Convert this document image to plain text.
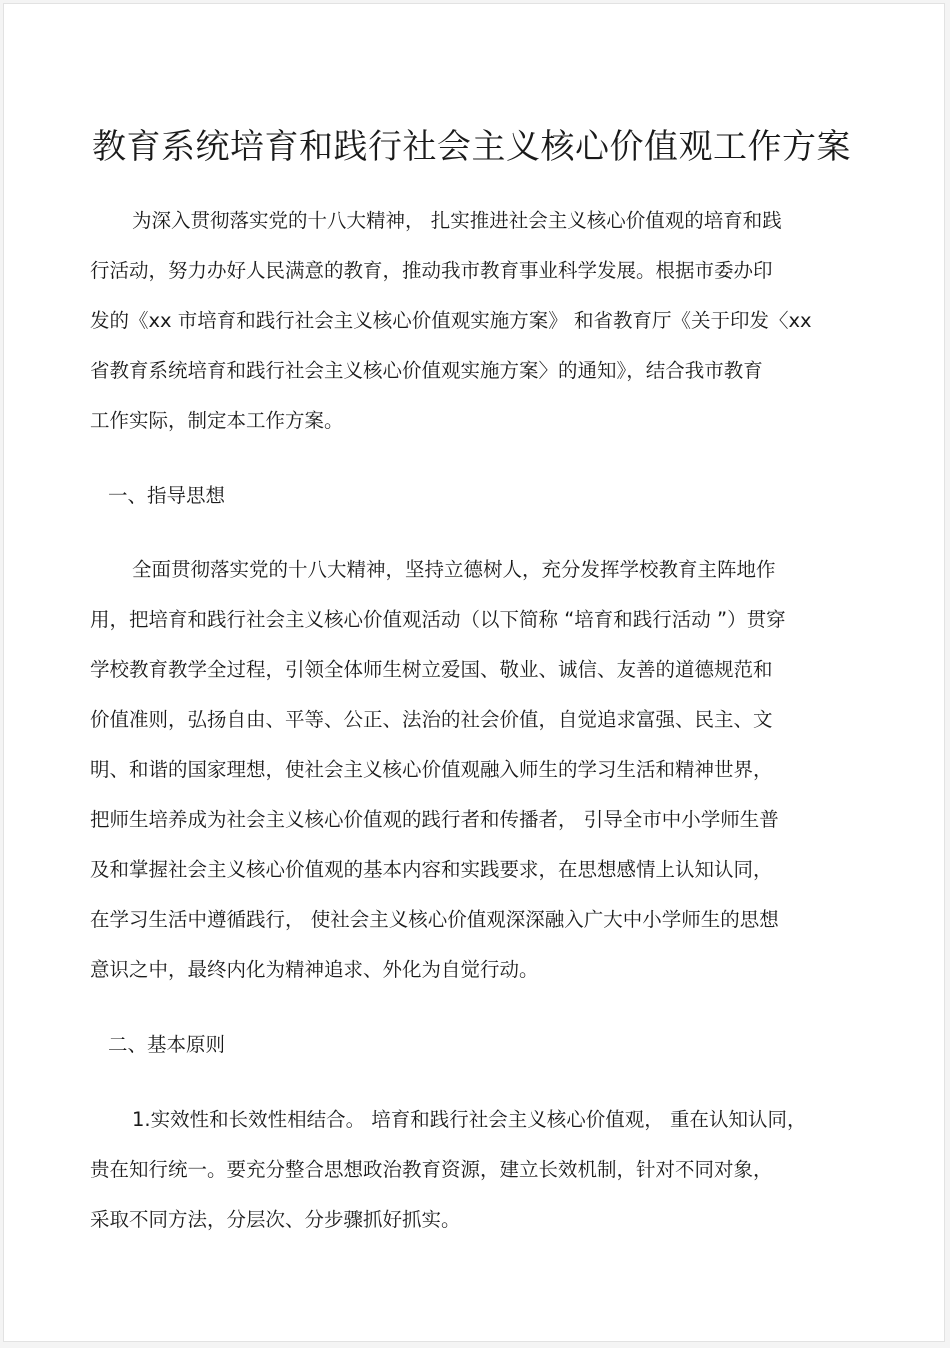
教育系统培育和践行社会主义核心价值观工作方案

为深入贯彻落实党的十八大精神， 扎实推进社会主义核心价值观的培育和践

行活动，努力办好人民满意的教育，推动我市教育事业科学发展。根据市委办印

发的《xx 市培育和践行社会主义核心价值观实施方案》 和省教育厅《关于印发〈xx

省教育系统培育和践行社会主义核心价值观实施方案〉的通知》，结合我市教育

工作实际，制定本工作方案。

一、指导思想

全面贯彻落实党的十八大精神，坚持立德树人，充分发挥学校教育主阵地作

用，把培育和践行社会主义核心价值观活动（以下简称 “培育和践行活动 ”）贯穿

学校教育教学全过程，引领全体师生树立爱国、敬业、诚信、友善的道德规范和

价值准则，弘扬自由、平等、公正、法治的社会价值，自觉追求富强、民主、文

明、和谐的国家理想，使社会主义核心价值观融入师生的学习生活和精神世界，

把师生培养成为社会主义核心价值观的践行者和传播者， 引导全市中小学师生普

及和掌握社会主义核心价值观的基本内容和实践要求，在思想感情上认知认同，

在学习生活中遵循践行， 使社会主义核心价值观深深融入广大中小学师生的思想

意识之中，最终内化为精神追求、外化为自觉行动。

二、基本原则

1.实效性和长效性相结合。 培育和践行社会主义核心价值观， 重在认知认同，

贵在知行统一。要充分整合思想政治教育资源，建立长效机制，针对不同对象，

采取不同方法，分层次、分步骤抓好抓实。
